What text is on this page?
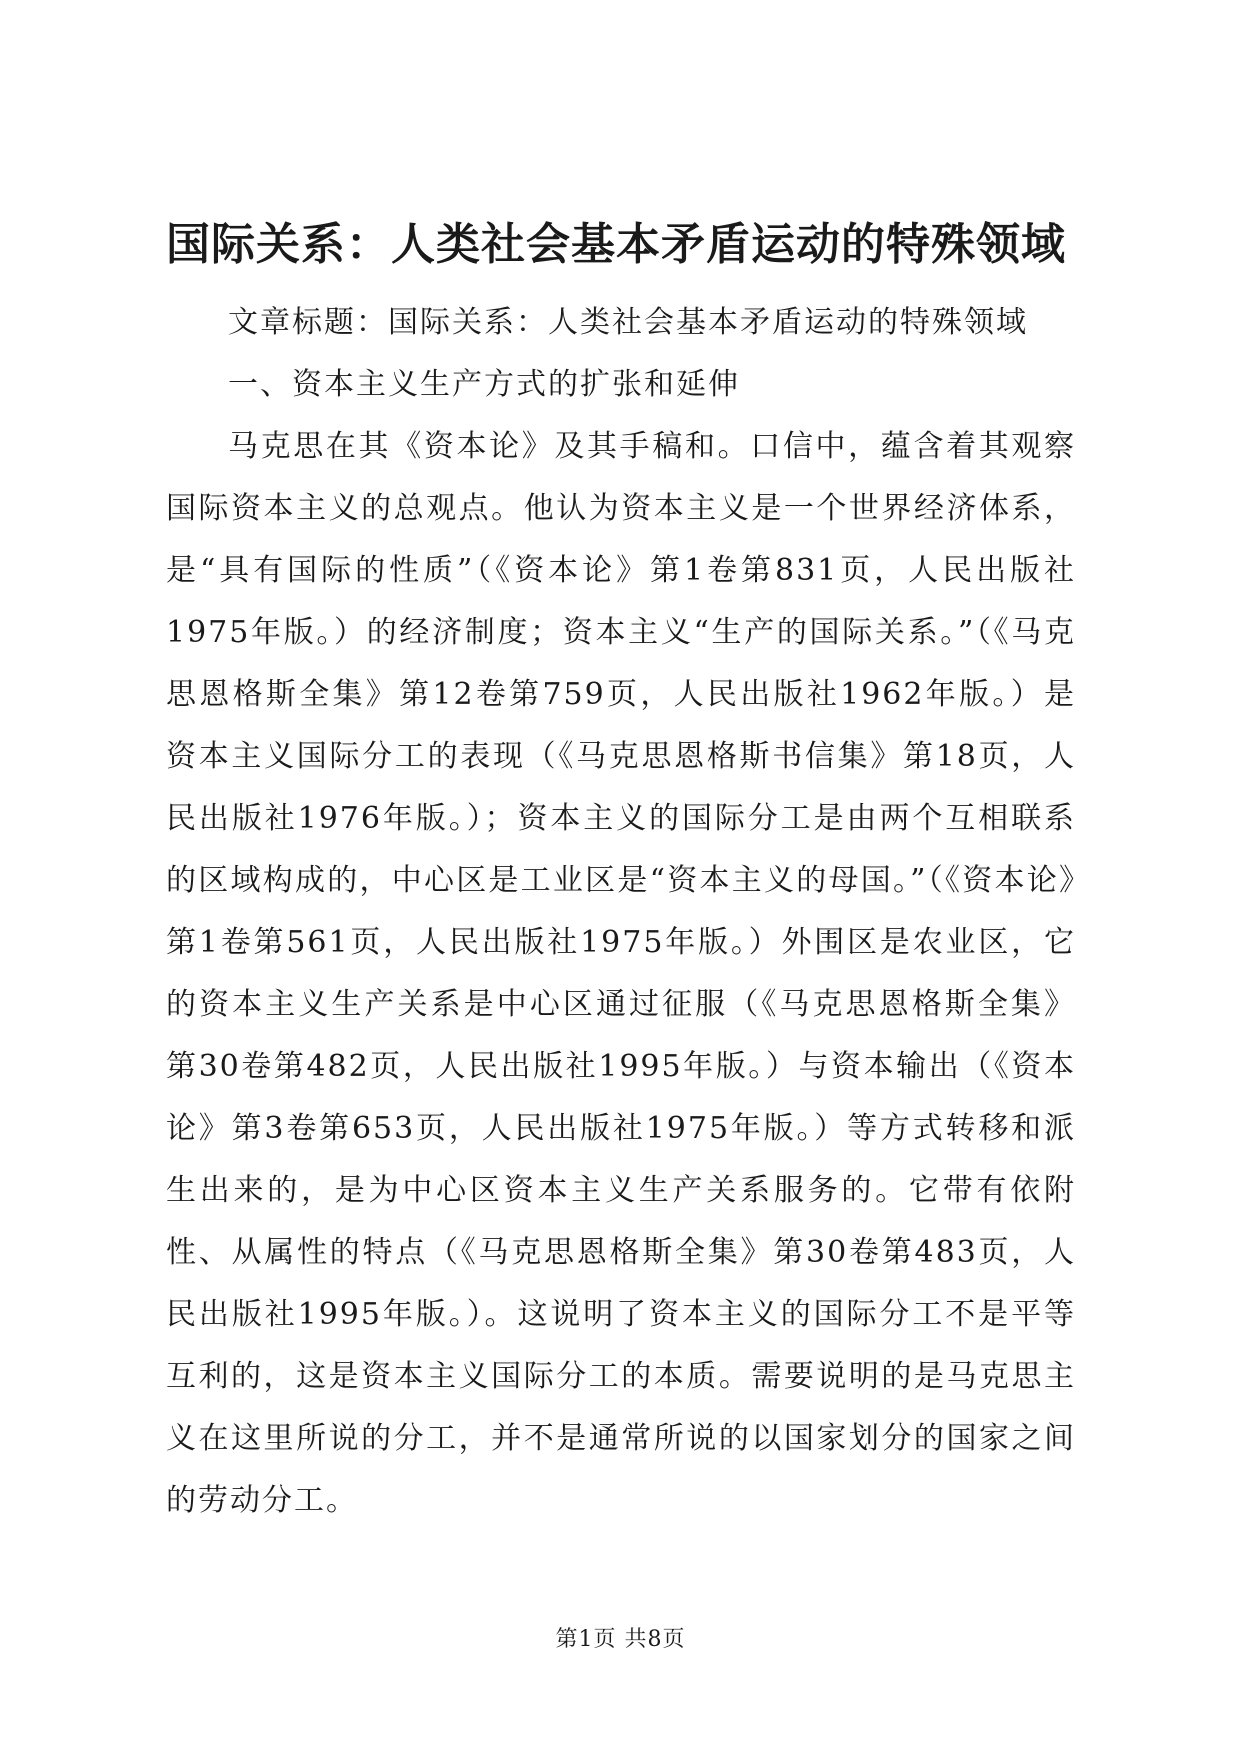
国际关系：人类社会基本矛盾运动的特殊领域

文章标题：国际关系：人类社会基本矛盾运动的特殊领域

一、资本主义生产方式的扩张和延伸

马克思在其《资本论》及其手稿和。口信中，蕴含着其观察国际资本主义的总观点。他认为资本主义是一个世界经济体系，是“具有国际的性质”（《资本论》第1卷第831页，人民出版社1975年版。）的经济制度；资本主义“生产的国际关系。”（《马克思恩格斯全集》第12卷第759页，人民出版社1962年版。）是资本主义国际分工的表现（《马克思恩格斯书信集》第18页，人民出版社1976年版。）；资本主义的国际分工是由两个互相联系的区域构成的，中心区是工业区是“资本主义的母国。”（《资本论》第1卷第561页，人民出版社1975年版。）外围区是农业区，它的资本主义生产关系是中心区通过征服（《马克思恩格斯全集》第30卷第482页，人民出版社1995年版。）与资本输出（《资本论》第3卷第653页，人民出版社1975年版。）等方式转移和派生出来的，是为中心区资本主义生产关系服务的。它带有依附性、从属性的特点（《马克思恩格斯全集》第30卷第483页，人民出版社1995年版。）。这说明了资本主义的国际分工不是平等互利的，这是资本主义国际分工的本质。需要说明的是马克思主义在这里所说的分工，并不是通常所说的以国家划分的国家之间的劳动分工。

第1页 共8页
